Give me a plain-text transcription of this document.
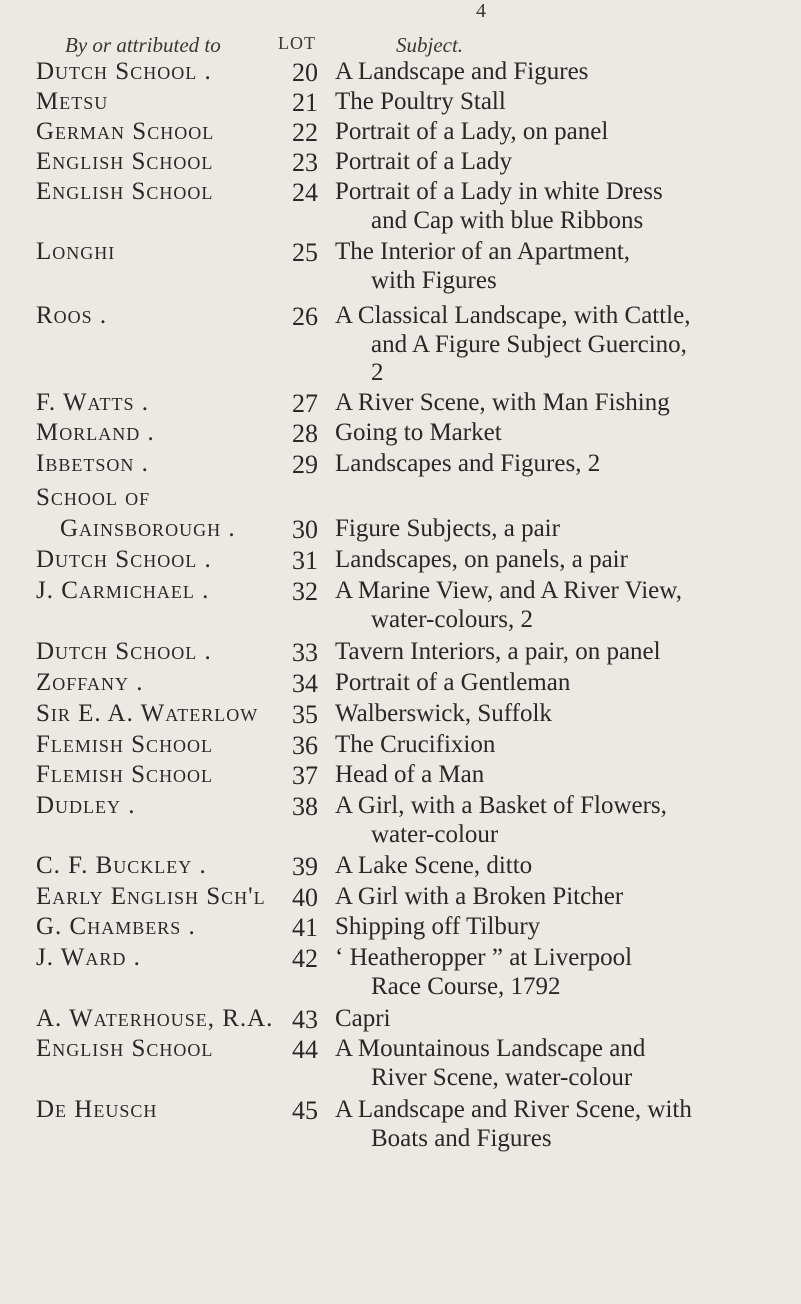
4
By or attributed to	LOT	Subject.
Dutch School .	20 A Landscape and Figures
Metsu	21 The Poultry Stall
German School	22 Portrait of a Lady, on panel
English School	23 Portrait of a Lady
English School	24 Portrait of a Lady in white Dress
and Cap with blue Ribbons
Longhi	25 The Interior of an Apartment,
with Figures
Roos .	26 A Classical Landscape, with Cattle,
and A Figure Subject Guercino,
2
F. Watts .	27 A River Scene, with Man Fishing
Morland .	28 Going to Market
Ibbetson .	29 Landscapes and Figures, 2
School of
Gainsborough .	30 Figure Subjects, a pair
Dutch School .	31 Landscapes, on panels, a pair
J. Carmichael .	32 A Marine View, and A River View,
water-colours, 2
Dutch School .	33 Tavern Interiors, a pair, on panel
Zoffany .	34 Portrait of a Gentleman
Sir E. A. Waterlow	35 Walberswick, Suffolk
Flemish School	36 The Crucifixion
Flemish School	37 Head of a Man
Dudley .	38 A Girl, with a Basket of Flowers,
water-colour
C. F. Buckley .	39 A Lake Scene, ditto
Early English Sch'l	40 A Girl with a Broken Pitcher
G. Chambers .	41 Shipping off Tilbury
J. Ward .	42 ‘ Heatheropper ” at Liverpool
Race Course, 1792
A. Waterhouse, R.A. 43 Capri
English School	44 A Mountainous Landscape and
River Scene, water-colour
De Heusch	45 A Landscape and River Scene, with
Boats and Figures
